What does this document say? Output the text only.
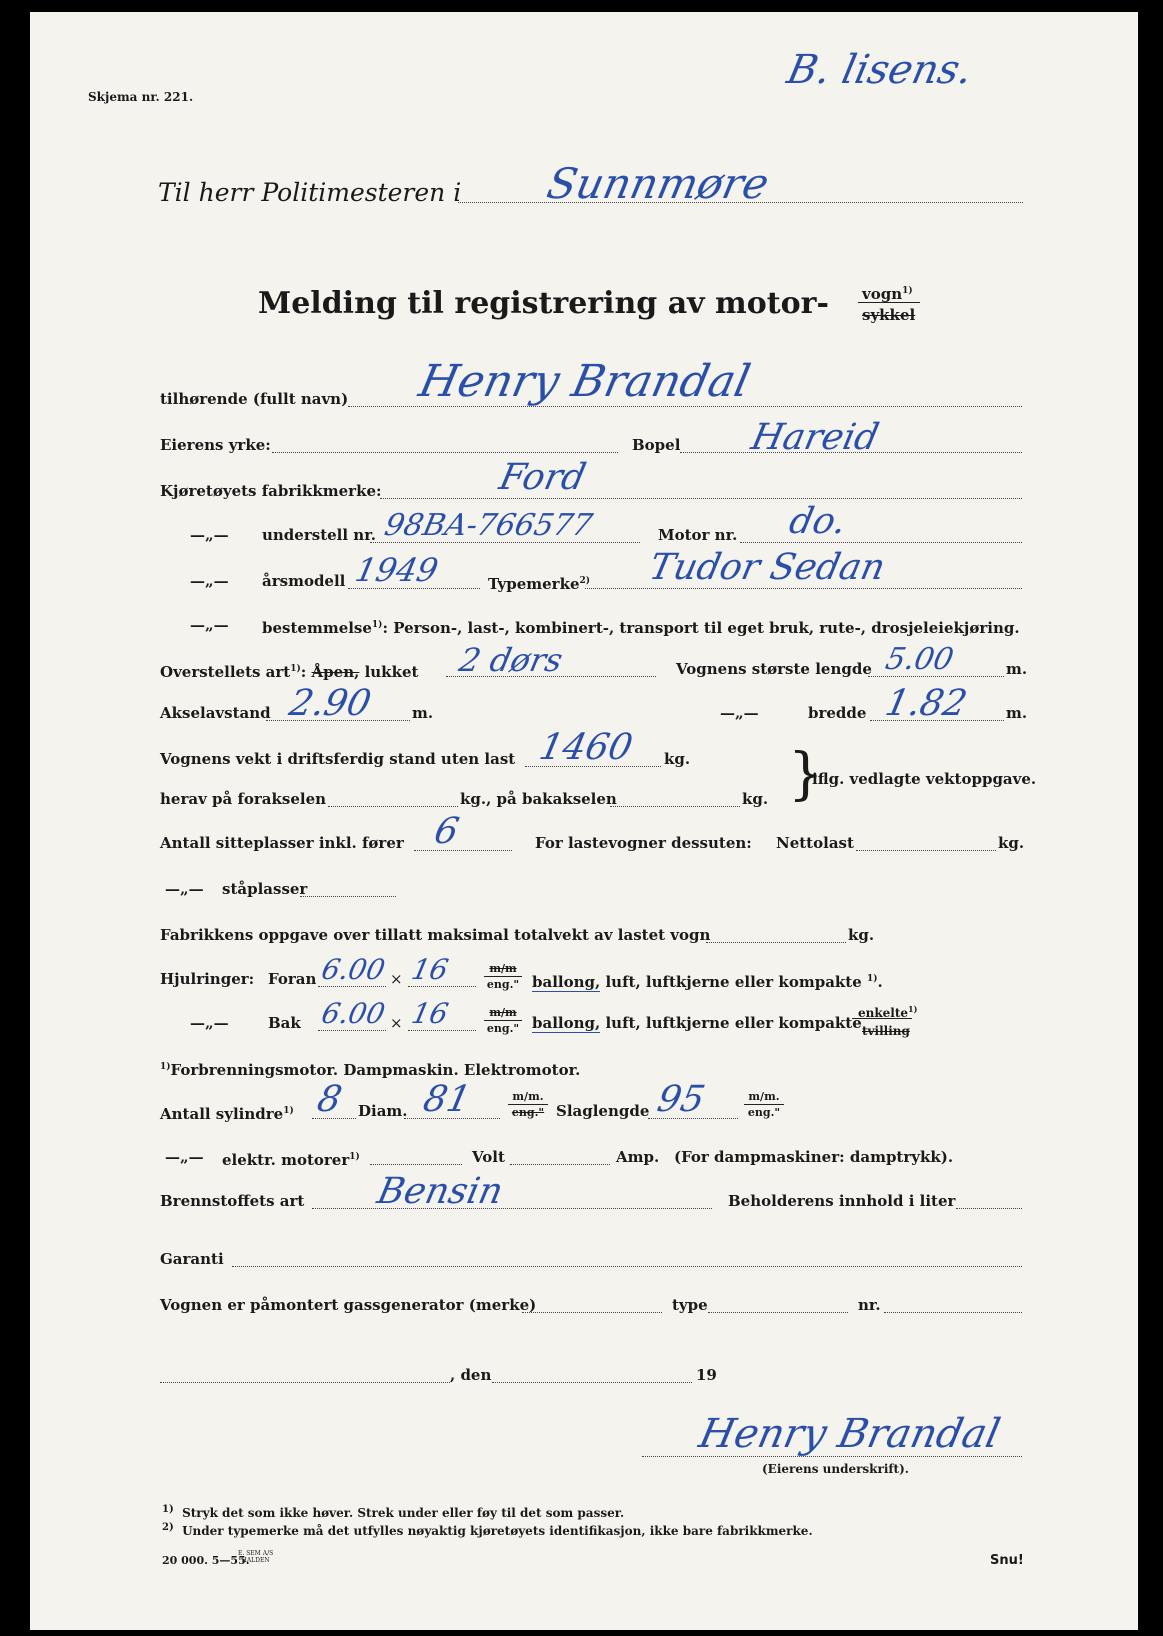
Skjema nr. 221.
B. lisens.
Til herr Politimesteren i Sunnmøre
Melding til registrering av motor- vogn$^{1)}$
sykkel
tilhørende (fullt navn) Henry Brandal
Eierens yrke:	Bopel Hareid
Kjøretøyets fabrikkmerke:	Ford
—„— understell nr. 98BA-766577	Motor nr. do.
—„— årsmodell 1949	Typemerke$^{2)}$ Tudor Sedan
—„— bestemmelse$^{1)}$: Person-, last-, kombinert-, transport til eget bruk, rute-, drosjeleiekjøring.
Overstellets art$^{1)}$: Åpen, lukket 2 dørs	Vognens største lengde 5.00	m.
Akselavstand 2.90 m.	—„—	bredde 1.82 m.
Vognens vekt i driftsferdig stand uten last 1460 kg.
herav på forakselen	kg., på bakakselen	kg. }
iflg. vedlagte vektoppgave.
Antall sitteplasser inkl. fører 6	For lastevogner dessuten: Nettolast	kg.
—„— ståplasser
Fabrikkens oppgave over tillatt maksimal totalvekt av lastet vogn	kg.
Hjulringer: Foran 6.00 × 16	m/m
eng." ballong, luft, luftkjerne eller kompakte $^{1)}$.
—„—	Bak 6.00 × 16	m/m
eng." ballong, luft, luftkjerne eller kompakte
enkelte$^{1)}$
tvilling
$^{1)}$Forbrenningsmotor. Dampmaskin. Elektromotor.
Antall sylindre$^{1)}$ 8 Diam. 81	m/m.
eng." Slaglengde 95	m/m.
eng."
—„— elektr. motorer$^{1)}$	Volt	Amp. (For dampmaskiner: damptrykk).
Brennstoffets art Bensin	Beholderens innhold i liter
Garanti
Vognen er påmontert gassgenerator (merke)	type	nr.
, den	19
Henry Brandal
(Eierens underskrift).
$^{1)}$ Stryk det som ikke høver. Strek under eller føy til det som passer.
$^{2)}$ Under typemerke må det utfylles nøyaktig kjøretøyets identifikasjon, ikke bare fabrikkmerke.
20 000. 5—55.
E. SEM A/S
HALDEN	Snu!
